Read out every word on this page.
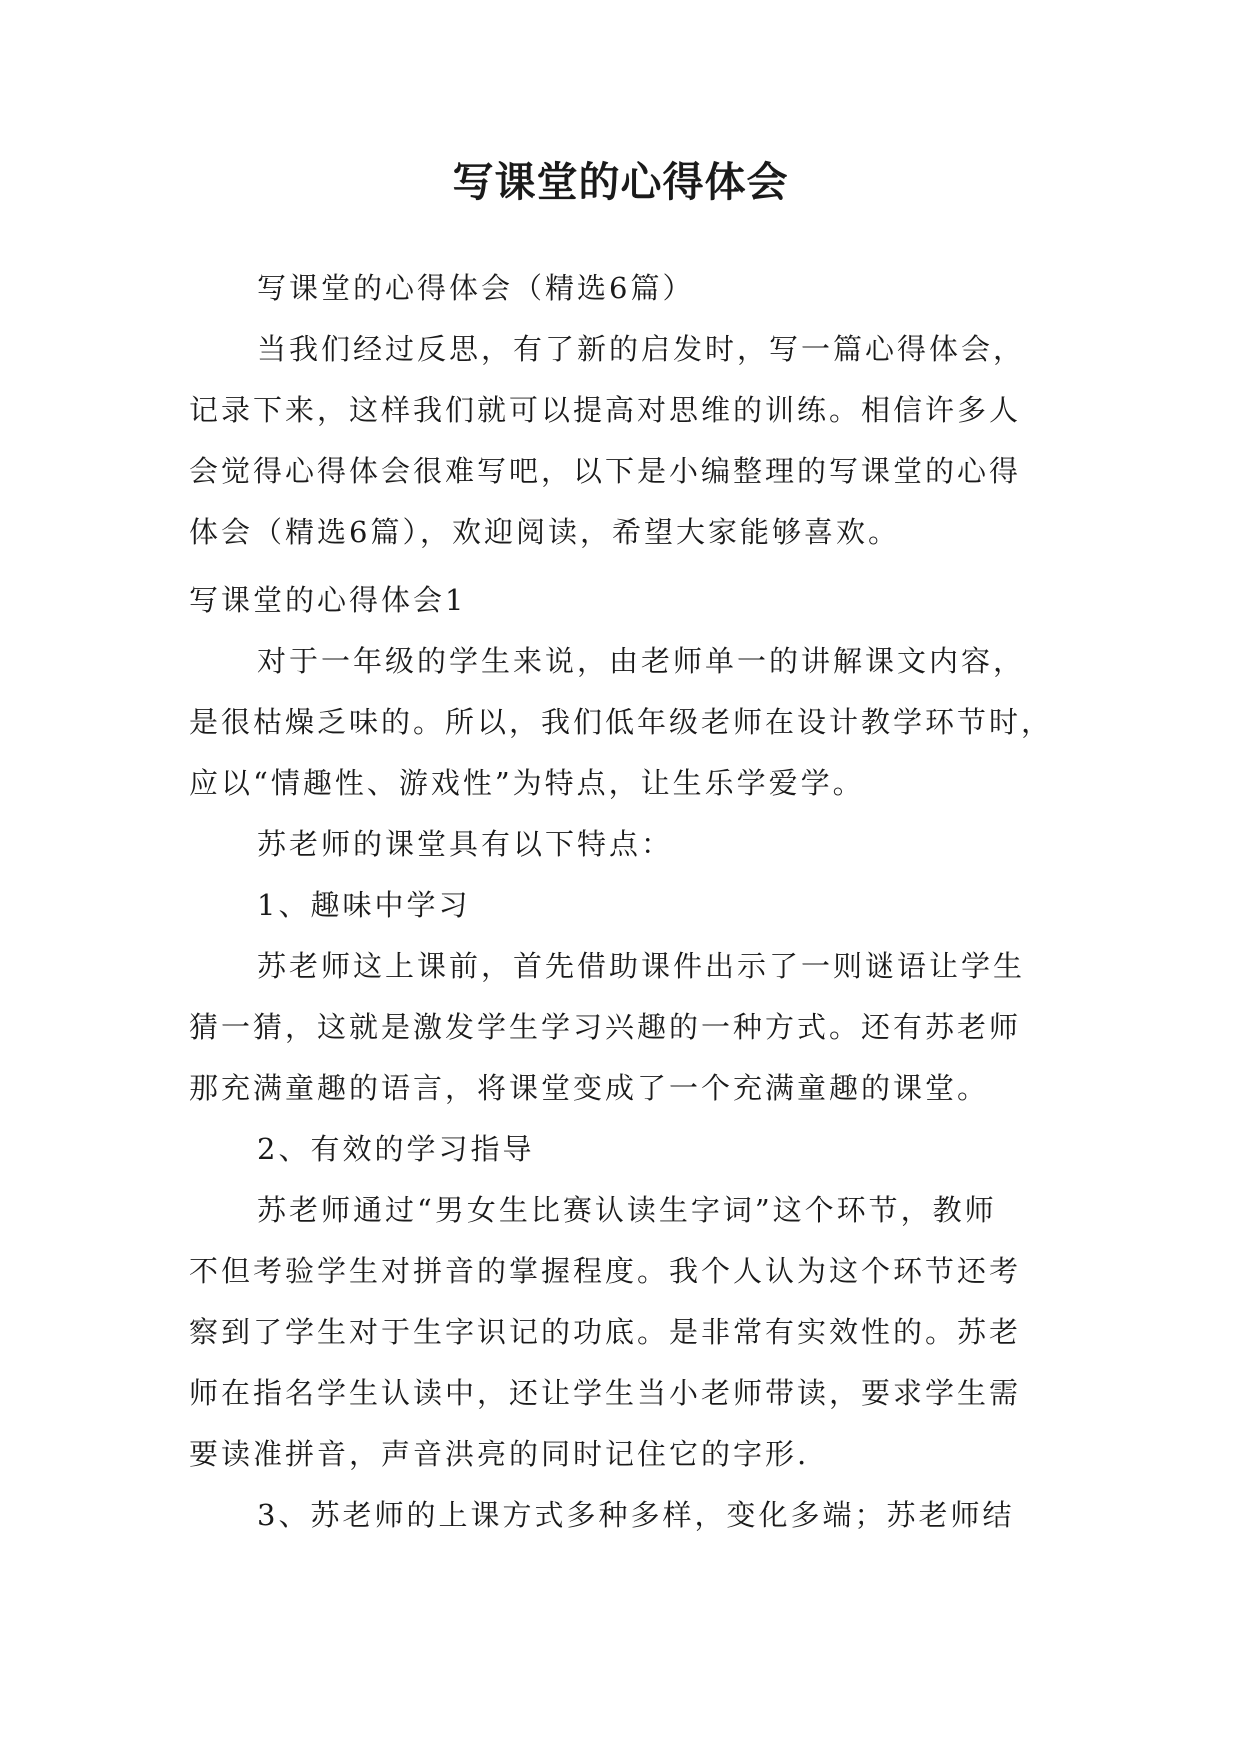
写课堂的心得体会

写课堂的心得体会（精选6篇）

当我们经过反思，有了新的启发时，写一篇心得体会，
记录下来，这样我们就可以提高对思维的训练。相信许多人
会觉得心得体会很难写吧，以下是小编整理的写课堂的心得
体会（精选6篇），欢迎阅读，希望大家能够喜欢。

写课堂的心得体会1

对于一年级的学生来说，由老师单一的讲解课文内容，
是很枯燥乏味的。所以，我们低年级老师在设计教学环节时，
应以“情趣性、游戏性”为特点，让生乐学爱学。

苏老师的课堂具有以下特点：

1、趣味中学习

苏老师这上课前，首先借助课件出示了一则谜语让学生
猜一猜，这就是激发学生学习兴趣的一种方式。还有苏老师
那充满童趣的语言，将课堂变成了一个充满童趣的课堂。

2、有效的学习指导

苏老师通过“男女生比赛认读生字词”这个环节，教师
不但考验学生对拼音的掌握程度。我个人认为这个环节还考
察到了学生对于生字识记的功底。是非常有实效性的。苏老
师在指名学生认读中，还让学生当小老师带读，要求学生需
要读准拼音，声音洪亮的同时记住它的字形.

3、苏老师的上课方式多种多样，变化多端；苏老师结
